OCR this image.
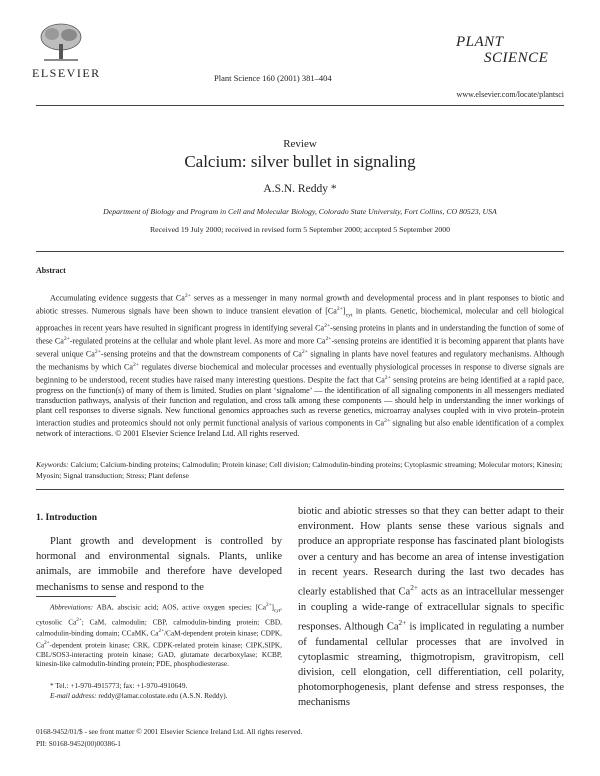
ELSEVIER	Plant Science 160 (2001) 381–404
PLANT
SCIENCE
www.elsevier.com/locate/plantsci
Review
Calcium: silver bullet in signaling
A.S.N. Reddy *
Department of Biology and Program in Cell and Molecular Biology, Colorado State University, Fort Collins, CO 80523, USA
Received 19 July 2000; received in revised form 5 September 2000; accepted 5 September 2000
Abstract
Accumulating evidence suggests that $Ca^{2+}$ serves as a messenger in many normal growth and developmental process and in plant responses to biotic and abiotic stresses. Numerous signals have been shown to induce transient elevation of $[Ca^{2+}]_{cyt}$ in plants. Genetic, biochemical, molecular and cell biological approaches in recent years have resulted in significant progress in identifying several $Ca^{2+}$-sensing proteins in plants and in understanding the function of some of these $Ca^{2+}$-regulated proteins at the cellular and whole plant level. As more and more $Ca^{2+}$-sensing proteins are identified it is becoming apparent that plants have several unique $Ca^{2+}$-sensing proteins and that the downstream components of $Ca^{2+}$ signaling in plants have novel features and regulatory mechanisms. Although the mechanisms by which $Ca^{2+}$ regulates diverse biochemical and molecular processes and eventually physiological processes in response to diverse signals are beginning to be understood, recent studies have raised many interesting questions. Despite the fact that $Ca^{2+}$ sensing proteins are being identified at a rapid pace, progress on the function(s) of many of them is limited. Studies on plant ‘signalome’ — the identification of all signaling components in all messengers mediated transduction pathways, analysis of their function and regulation, and cross talk among these components — should help in understanding the inner workings of plant cell responses to diverse signals. New functional genomics approaches such as reverse genetics, microarray analyses coupled with in vivo protein–protein interaction studies and proteomics should not only permit functional analysis of various components in $Ca^{2+}$ signaling but also enable identification of a complex network of interactions. © 2001 Elsevier Science Ireland Ltd. All rights reserved.
Keywords: Calcium; Calcium-binding proteins; Calmodulin; Protein kinase; Cell division; Calmodulin-binding proteins; Cytoplasmic streaming; Molecular motors; Kinesin; Myosin; Signal transduction; Stress; Plant defense
1. Introduction
Plant growth and development is controlled by hormonal and environmental signals. Plants, unlike animals, are immobile and therefore have developed mechanisms to sense and respond to the
biotic and abiotic stresses so that they can better adapt to their environment. How plants sense these various signals and produce an appropriate response has fascinated plant biologists over a century and has become an area of intense investigation in recent years. Research during the last two decades has clearly established that $Ca^{2+}$ acts as an intracellular messenger in coupling a wide-range of extracellular signals to specific responses. Although $Ca^{2+}$ is implicated in regulating a number of fundamental cellular processes that are involved in cytoplasmic streaming, thigmotropism, gravitropism, cell division, cell elongation, cell differentiation, cell polarity, photomorphogenesis, plant defense and stress responses, the mechanisms
Abbreviations: ABA, abscisic acid; AOS, active oxygen species; $[Ca^{2+}]_{cyt}$, cytosolic $Ca^{2+}$; CaM, calmodulin; CBP, calmodulin-binding protein; CBD, calmodulin-binding domain; CCaMK, $Ca^{2+}/CaM$-dependent protein kinase; CDPK, $Ca^{2+}$-dependent protein kinase; CRK, CDPK-related protein kinase; CIPK,SIPK, CBL/SOS3-interacting protein kinase; GAD, glutamate decarboxylase; KCBP, kinesin-like calmodulin-binding protein; PDE, phosphodiesterase.
* Tel.: +1-970-4915773; fax: +1-970-4910649.
E-mail address: reddy@lamar.colostate.edu (A.S.N. Reddy).
0168-9452/01/$ - see front matter © 2001 Elsevier Science Ireland Ltd. All rights reserved.
PII: S0168-9452(00)00386-1
